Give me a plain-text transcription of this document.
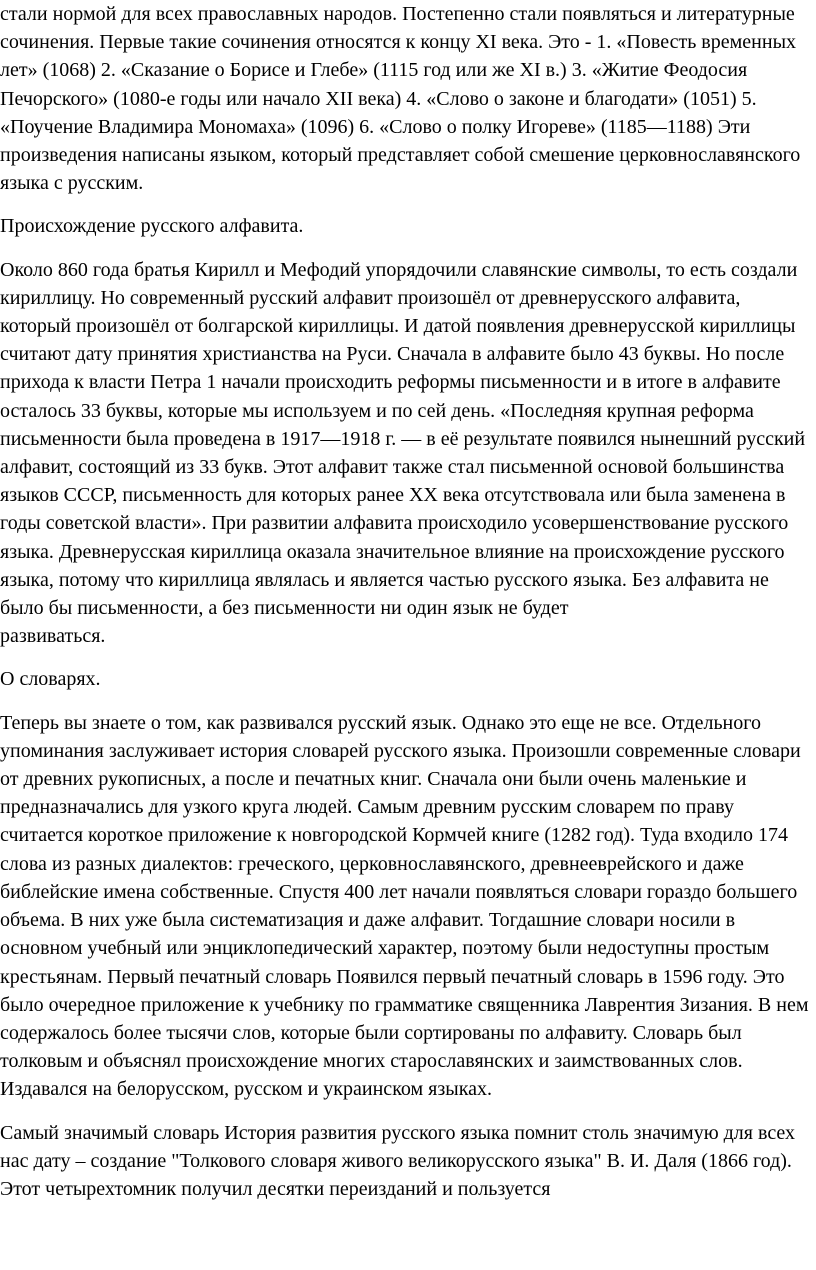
стали нормой для всех православных народов. Постепенно стали появляться и литературные сочинения. Первые такие сочинения относятся к концу XI века. Это - 1. «Повесть временных лет» (1068) 2. «Сказание о Борисе и Глебе» (1115 год или же XI в.) 3. «Житие Феодосия Печорского» (1080-е годы или начало XII века) 4. «Слово о законе и благодати» (1051) 5. «Поучение Владимира Мономаха» (1096) 6. «Слово о полку Игореве» (1185—1188) Эти произведения написаны языком, который представляет собой смешение церковнославянского языка с русским.

Происхождение русского алфавита.

Около 860 года братья Кирилл и Мефодий упорядочили славянские символы, то есть создали кириллицу. Но современный русский алфавит произошёл от древнерусского алфавита, который произошёл от болгарской кириллицы. И датой появления древнерусской кириллицы считают дату принятия христианства на Руси. Сначала в алфавите было 43 буквы. Но после прихода к власти Петра 1 начали происходить реформы письменности и в итоге в алфавите осталось 33 буквы, которые мы используем и по сей день. «Последняя крупная реформа письменности была проведена в 1917—1918 г. — в её результате появился нынешний русский алфавит, состоящий из 33 букв. Этот алфавит также стал письменной основой большинства языков СССР, письменность для которых ранее XX века отсутствовала или была заменена в годы советской власти». При развитии алфавита происходило усовершенствование русского языка. Древнерусская кириллица оказала значительное влияние на происхождение русского языка, потому что кириллица являлась и является частью русского языка. Без алфавита не было бы письменности, а без письменности ни один язык не будет
развиваться.

О словарях.

Теперь вы знаете о том, как развивался русский язык. Однако это еще не все. Отдельного упоминания заслуживает история словарей русского языка. Произошли современные словари от древних рукописных, а после и печатных книг. Сначала они были очень маленькие и предназначались для узкого круга людей. Самым древним русским словарем по праву считается короткое приложение к новгородской Кормчей книге (1282 год). Туда входило 174 слова из разных диалектов: греческого, церковнославянского, древнееврейского и даже библейские имена собственные. Спустя 400 лет начали появляться словари гораздо большего объема. В них уже была систематизация и даже алфавит. Тогдашние словари носили в основном учебный или энциклопедический характер, поэтому были недоступны простым крестьянам. Первый печатный словарь Появился первый печатный словарь в 1596 году. Это было очередное приложение к учебнику по грамматике священника Лаврентия Зизания. В нем содержалось более тысячи слов, которые были сортированы по алфавиту. Словарь был толковым и объяснял происхождение многих старославянских и заимствованных слов. Издавался на белорусском, русском и украинском языках.

Самый значимый словарь История развития русского языка помнит столь значимую для всех нас дату – создание "Толкового словаря живого великорусского языка" В. И. Даля (1866 год). Этот четырехтомник получил десятки переизданий и пользуется
